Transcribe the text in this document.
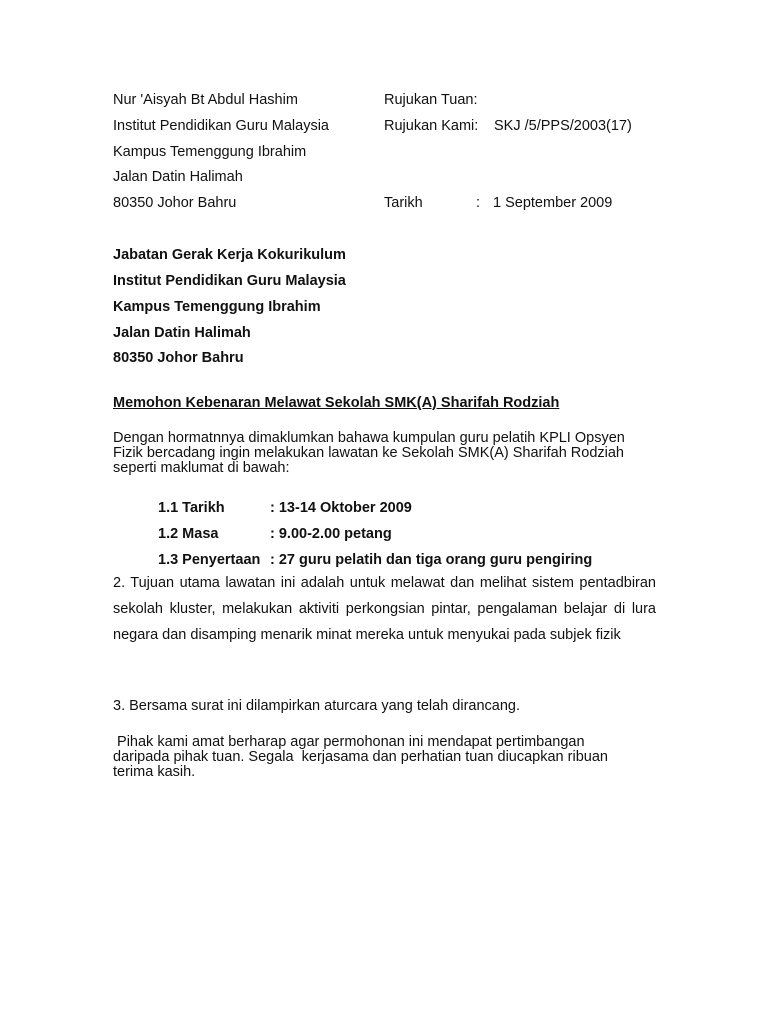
Nur 'Aisyah Bt Abdul Hashim
Institut Pendidikan Guru Malaysia
Kampus Temenggung Ibrahim
Jalan Datin Halimah
80350 Johor Bahru
Rujukan Tuan:
Rujukan Kami: SKJ /5/PPS/2003(17)
Tarikh	: 1 September 2009
Jabatan Gerak Kerja Kokurikulum
Institut Pendidikan Guru Malaysia
Kampus Temenggung Ibrahim
Jalan Datin Halimah
80350 Johor Bahru
Memohon Kebenaran Melawat Sekolah SMK(A) Sharifah Rodziah
Dengan hormatnnya dimaklumkan bahawa kumpulan guru pelatih KPLI Opsyen Fizik bercadang ingin melakukan lawatan ke Sekolah SMK(A) Sharifah Rodziah seperti maklumat di bawah:
1.1 Tarikh	: 13-14 Oktober 2009
1.2 Masa	: 9.00-2.00 petang
1.3 Penyertaan : 27 guru pelatih dan tiga orang guru pengiring
2. Tujuan utama lawatan ini adalah untuk melawat dan melihat sistem pentadbiran sekolah kluster, melakukan aktiviti perkongsian pintar, pengalaman belajar di lura negara dan disamping menarik minat mereka untuk menyukai pada subjek fizik
3. Bersama surat ini dilampirkan aturcara yang telah dirancang.
Pihak kami amat berharap agar permohonan ini mendapat pertimbangan daripada pihak tuan. Segala  kerjasama dan perhatian tuan diucapkan ribuan terima kasih.
